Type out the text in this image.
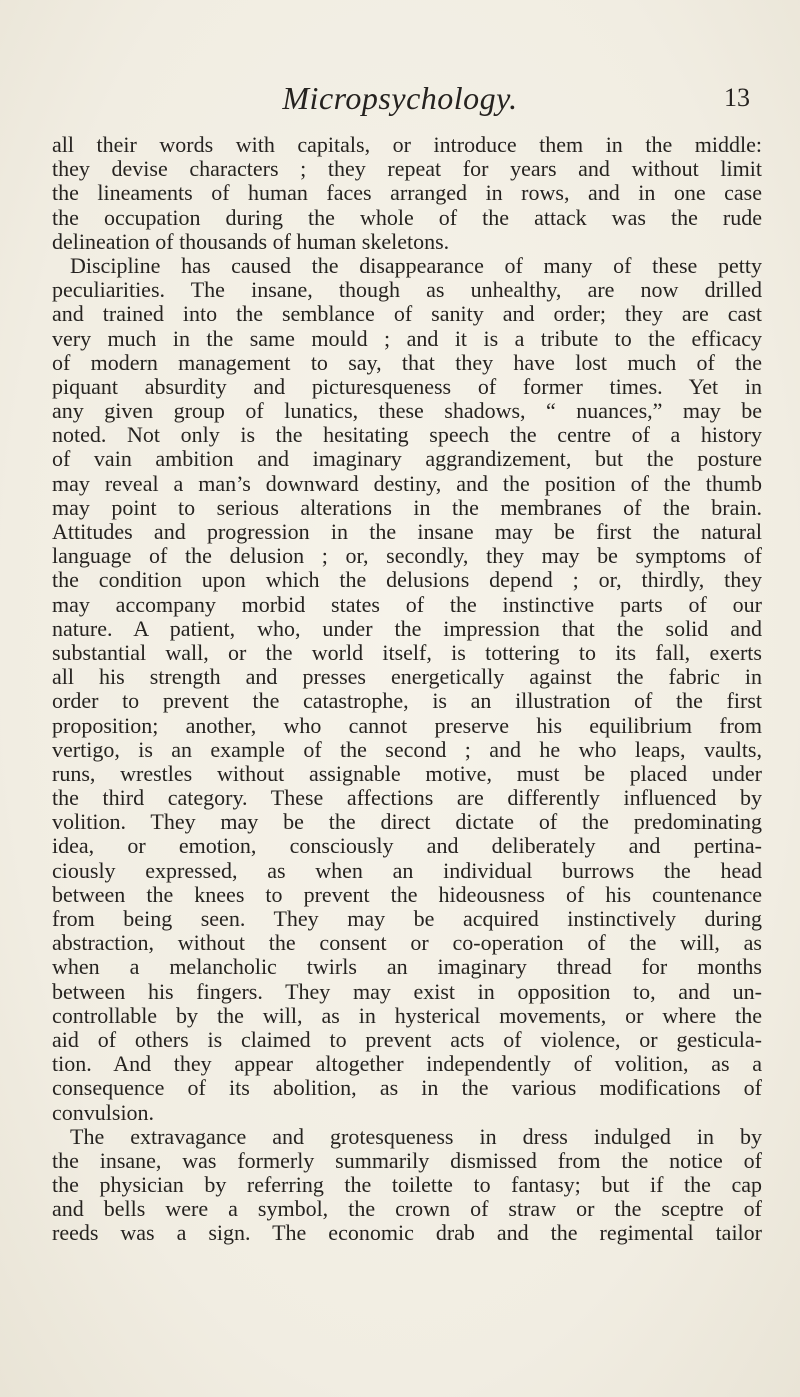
Micropsychology.	13
all their words with capitals, or introduce them in the middle:
they devise characters ; they repeat for years and without limit
the lineaments of human faces arranged in rows, and in one case
the occupation during the whole of the attack was the rude
delineation of thousands of human skeletons.
Discipline has caused the disappearance of many of these petty
peculiarities. The insane, though as unhealthy, are now drilled
and trained into the semblance of sanity and order; they are cast
very much in the same mould ; and it is a tribute to the efficacy
of modern management to say, that they have lost much of the
piquant absurdity and picturesqueness of former times. Yet in
any given group of lunatics, these shadows, “ nuances,” may be
noted. Not only is the hesitating speech the centre of a history
of vain ambition and imaginary aggrandizement, but the posture
may reveal a man’s downward destiny, and the position of the thumb
may point to serious alterations in the membranes of the brain.
Attitudes and progression in the insane may be first the natural
language of the delusion ; or, secondly, they may be symptoms of
the condition upon which the delusions depend ; or, thirdly, they
may accompany morbid states of the instinctive parts of our
nature. A patient, who, under the impression that the solid and
substantial wall, or the world itself, is tottering to its fall, exerts
all his strength and presses energetically against the fabric in
order to prevent the catastrophe, is an illustration of the first
proposition; another, who cannot preserve his equilibrium from
vertigo, is an example of the second ; and he who leaps, vaults,
runs, wrestles without assignable motive, must be placed under
the third category. These affections are differently influenced by
volition. They may be the direct dictate of the predominating
idea, or emotion, consciously and deliberately and pertina-
ciously expressed, as when an individual burrows the head
between the knees to prevent the hideousness of his countenance
from being seen. They may be acquired instinctively during
abstraction, without the consent or co-operation of the will, as
when a melancholic twirls an imaginary thread for months
between his fingers. They may exist in opposition to, and un-
controllable by the will, as in hysterical movements, or where the
aid of others is claimed to prevent acts of violence, or gesticula-
tion. And they appear altogether independently of volition, as a
consequence of its abolition, as in the various modifications of
convulsion.
The extravagance and grotesqueness in dress indulged in by
the insane, was formerly summarily dismissed from the notice of
the physician by referring the toilette to fantasy; but if the cap
and bells were a symbol, the crown of straw or the sceptre of
reeds was a sign. The economic drab and the regimental tailor
